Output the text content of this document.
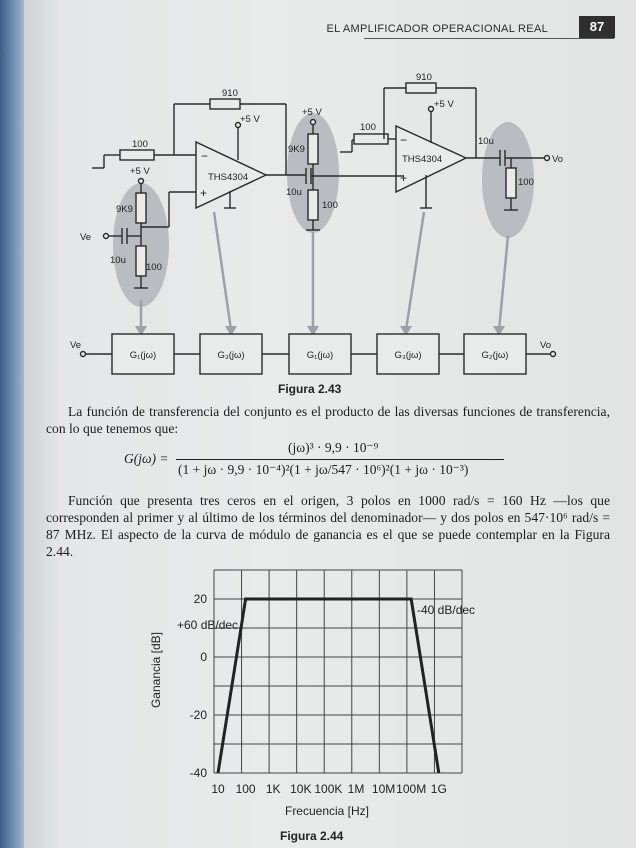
EL AMPLIFICADOR OPERACIONAL REAL	87
910
+5 V
100
THS4304
−
+
+5 V
9K9
100
10u
Ve
+5 V
9K9
100
10u
100
910
+5 V
THS4304
−
+
10u
100
Vo
Ve	Vo
G₁(jω)	G₃(jω)	G₁(jω)	G₃(jω)	G₂(jω)
Figura 2.43
La función de transferencia del conjunto es el producto de las diversas funciones de transferencia, con lo que tenemos que:
G(jω) =
(jω)³ · 9,9 · 10⁻⁹
(1 + jω · 9,9 · 10⁻⁴)²(1 + jω/547 · 10⁶)²(1 + jω · 10⁻³)
Función que presenta tres ceros en el origen, 3 polos en 1000 rad/s = 160 Hz —los que corresponden al primer y al último de los términos del denominador— y dos polos en 547·10⁶ rad/s = 87 MHz. El aspecto de la curva de módulo de ganancia es el que se puede contemplar en la Figura 2.44.
20
0
-20
-40
10 100 1K 10K 100K 1M 10M 100M 1G
+60 dB/dec
-40 dB/dec
Ganancia [dB]
Frecuencia [Hz]
Figura 2.44
